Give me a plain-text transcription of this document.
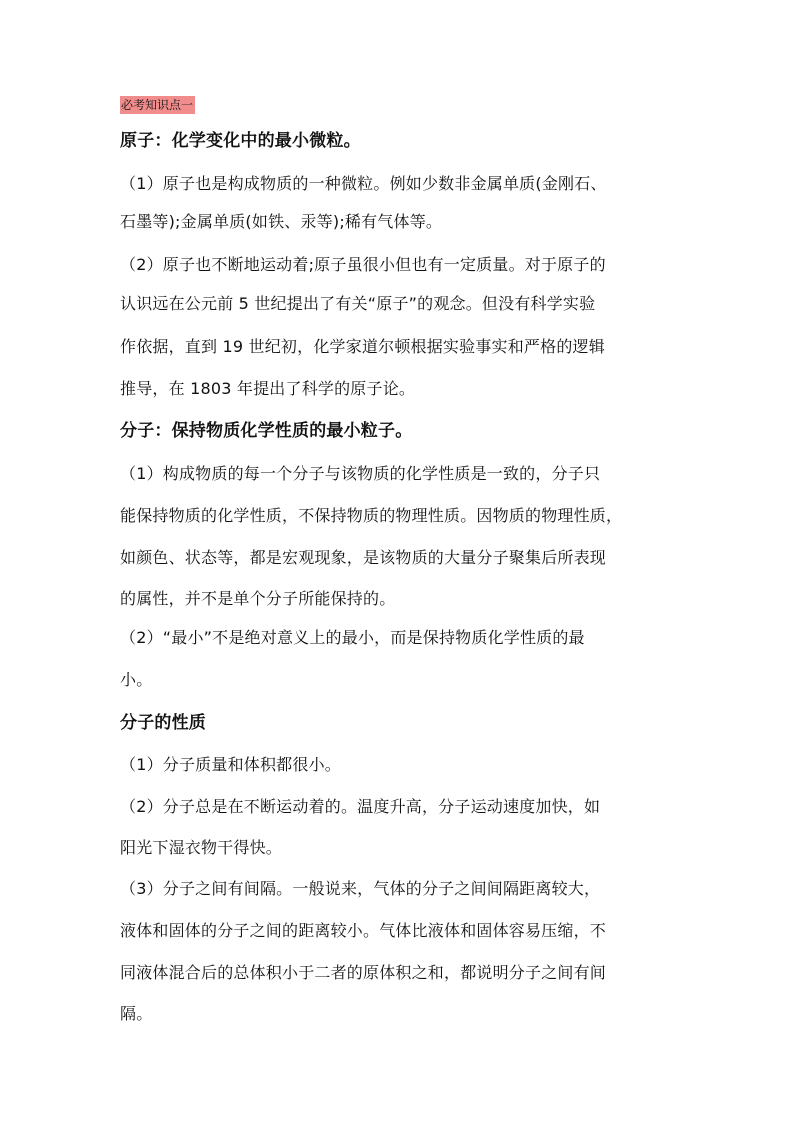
必考知识点一
原子：化学变化中的最小微粒。
（1）原子也是构成物质的一种微粒。例如少数非金属单质(金刚石、
石墨等);金属单质(如铁、汞等);稀有气体等。
（2）原子也不断地运动着;原子虽很小但也有一定质量。对于原子的
认识远在公元前 5 世纪提出了有关“原子”的观念。但没有科学实验
作依据，直到 19 世纪初，化学家道尔顿根据实验事实和严格的逻辑
推导，在 1803 年提出了科学的原子论。
分子：保持物质化学性质的最小粒子。
（1）构成物质的每一个分子与该物质的化学性质是一致的，分子只
能保持物质的化学性质，不保持物质的物理性质。因物质的物理性质，
如颜色、状态等，都是宏观现象，是该物质的大量分子聚集后所表现
的属性，并不是单个分子所能保持的。
（2）“最小”不是绝对意义上的最小，而是保持物质化学性质的最
小。
分子的性质
（1）分子质量和体积都很小。
（2）分子总是在不断运动着的。温度升高，分子运动速度加快，如
阳光下湿衣物干得快。
（3）分子之间有间隔。一般说来，气体的分子之间间隔距离较大，
液体和固体的分子之间的距离较小。气体比液体和固体容易压缩，不
同液体混合后的总体积小于二者的原体积之和，都说明分子之间有间
隔。
